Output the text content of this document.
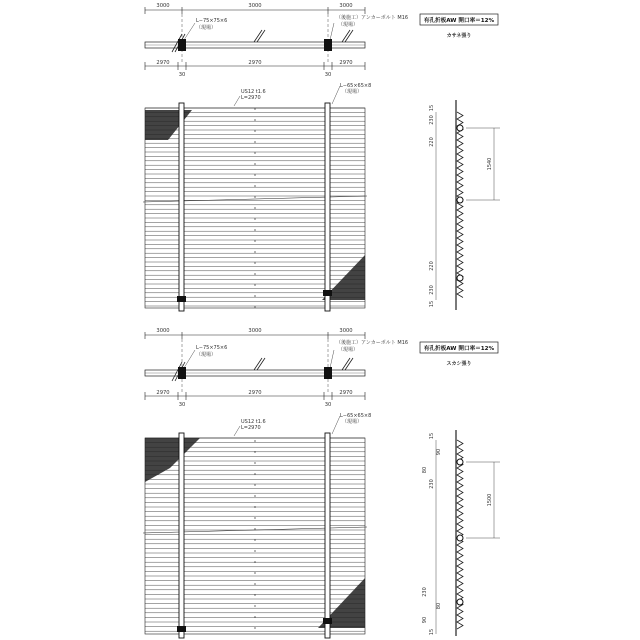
3000	3000	3000
2970	2970	2970
30	30
L−75×75×6
（現場）
（後施工）アンカーボルト M16
（現場）
有孔折板AW 開口率＝12%
カサネ張り
US12 t1.6
L=2970
L−65×65×8
（現場）
15
230
220
1540
220
230
15
3000	3000	3000
2970	2970	2970
30	30
L−75×75×6
（現場）
（後施工）アンカーボルト M16
（現場）	有孔折板AW 開口率＝12%
スカシ張り
US12 t1.6
L=2970
L−65×65×8
（現場）
15
90
80
230
1500
230
80
90
15
